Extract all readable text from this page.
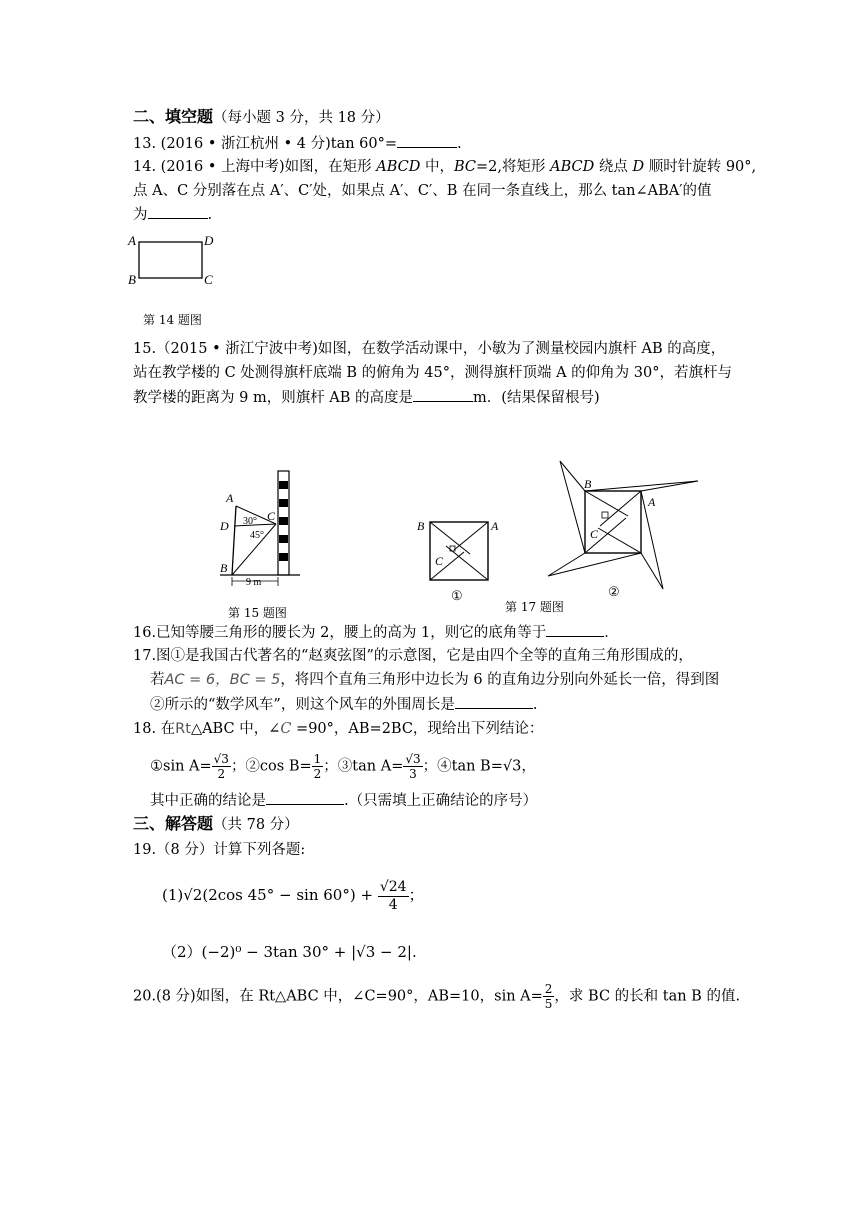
二、填空题（每小题 3 分，共 18 分）
13. (2016 • 浙江杭州 • 4 分)tan 60°=	.
14. (2016 • 上海中考)如图，在矩形 ABCD 中，BC=2,将矩形 ABCD 绕点 D 顺时针旋转 90°,
点 A、C 分别落在点 A′、C′处，如果点 A′、C′、B 在同一条直线上，那么 tan∠ABA′的值
为	.
A	D
B	C
第 14 题图
15.（2015 • 浙江宁波中考)如图，在数学活动课中，小敏为了测量校园内旗杆 AB 的高度，
站在教学楼的 C 处测得旗杆底端 B 的俯角为 45°，测得旗杆顶端 A 的仰角为 30°，若旗杆与
教学楼的距离为 9 m，则旗杆 AB 的高度是	m．(结果保留根号)
A
D
C
B
30°
45°
9 m
第 15 题图
B	A
C
①
B
A
C
②
第 17 题图
16.已知等腰三角形的腰长为 2，腰上的高为 1，则它的底角等于	．
17.图①是我国古代著名的“赵爽弦图”的示意图，它是由四个全等的直角三角形围成的，
若AC = 6，BC = 5，将四个直角三角形中边长为 6 的直角边分别向外延长一倍，得到图
②所示的“数学风车”，则这个风车的外围周长是	.
18. 在Rt△ABC 中，∠C =90°，AB=2BC，现给出下列结论：
①sin $A= \frac{√3}{2}$ ；②cos $B= \frac{1}{2}$ ；③tan $A= \frac{√3}{3}$ ；④tan B=√3，
其中正确的结论是	.（只需填上正确结论的序号）
三、解答题（共 78 分）
19.（8 分）计算下列各题:
(1)√2(2cos $45^\circ - \sin 60^\circ) + \frac{√24}{4}$ ；
（2）(−2)⁰ − 3tan 30° + |√3 − 2|.
20.(8 分)如图，在 Rt△ABC 中，∠C=90°，AB=10，$\sin A= \frac{2}{5}$ ，求 BC 的长和 tan B 的值.
